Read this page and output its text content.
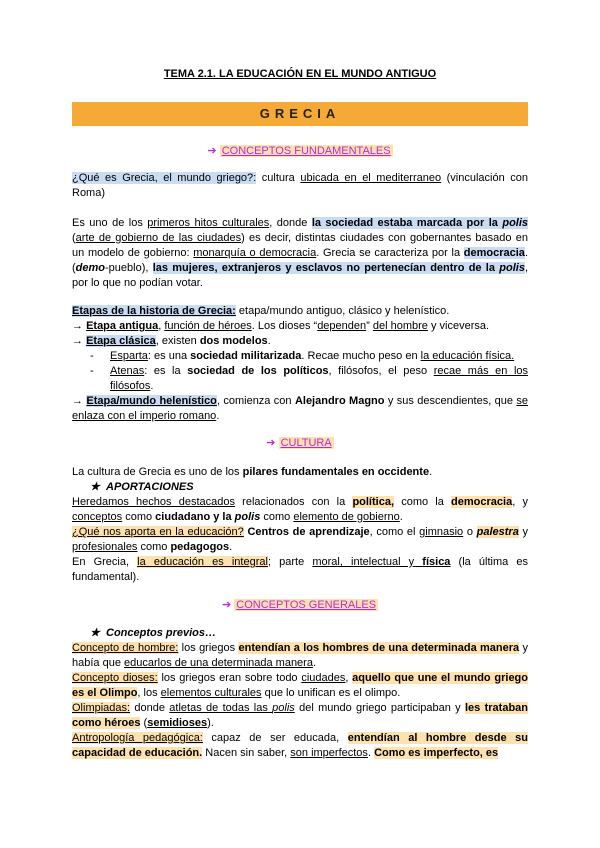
TEMA 2.1. LA EDUCACIÓN EN EL MUNDO ANTIGUO
GRECIA
➔ CONCEPTOS FUNDAMENTALES
¿Qué es Grecia, el mundo griego?: cultura ubicada en el mediterraneo (vinculación con Roma)
Es uno de los primeros hitos culturales, donde la sociedad estaba marcada por la polis (arte de gobierno de las ciudades) es decir, distintas ciudades con gobernantes basado en un modelo de gobierno: monarquía o democracia. Grecia se caracteriza por la democracia. (demo-pueblo), las mujeres, extranjeros y esclavos no pertenecían dentro de la polis, por lo que no podían votar.
Etapas de la historia de Grecia: etapa/mundo antiguo, clásico y helenístico.
→ Etapa antigua, función de héroes. Los dioses “dependen” del hombre y viceversa.
→ Etapa clásica, existen dos modelos.
- Esparta: es una sociedad militarizada. Recae mucho peso en la educación física.
- Atenas: es la sociedad de los políticos, filósofos, el peso recae más en los filósofos.
→ Etapa/mundo helenístico, comienza con Alejandro Magno y sus descendientes, que se enlaza con el imperio romano.
➔ CULTURA
La cultura de Grecia es uno de los pilares fundamentales en occidente.
★ APORTACIONES
Heredamos hechos destacados relacionados con la política, como la democracia, y conceptos como ciudadano y la polis como elemento de gobierno.
¿Qué nos aporta en la educación? Centros de aprendizaje, como el gimnasio o palestra y profesionales como pedagogos.
En Grecia, la educación es integral; parte moral, intelectual y física (la última es fundamental).
➔ CONCEPTOS GENERALES
★ Conceptos previos…
Concepto de hombre: los griegos entendían a los hombres de una determinada manera y había que educarlos de una determinada manera.
Concepto dioses: los griegos eran sobre todo ciudades, aquello que une el mundo griego es el Olimpo, los elementos culturales que lo unifican es el olimpo.
Olimpiadas: donde atletas de todas las polis del mundo griego participaban y les trataban como héroes (semidioses).
Antropología pedagógica: capaz de ser educada, entendían al hombre desde su capacidad de educación. Nacen sin saber, son imperfectos. Como es imperfecto, es
